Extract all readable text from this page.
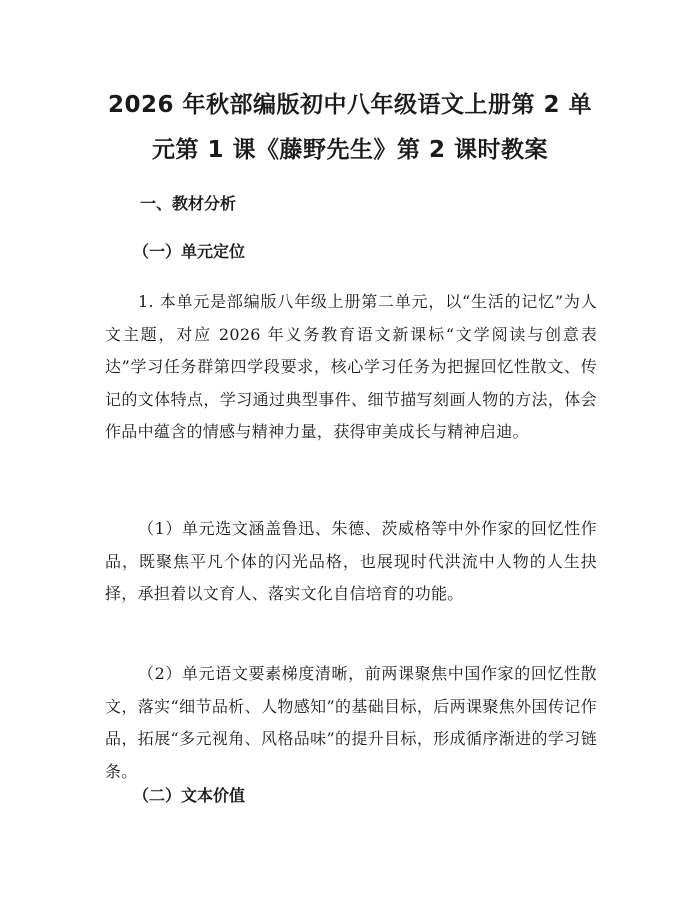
2026 年秋部编版初中八年级语文上册第 2 单
元第 1 课《藤野先生》第 2 课时教案
一、教材分析
（一）单元定位

1. 本单元是部编版八年级上册第二单元，以“生活的记忆”为人文主题，对应 2026 年义务教育语文新课标“文学阅读与创意表达”学习任务群第四学段要求，核心学习任务为把握回忆性散文、传记的文体特点，学习通过典型事件、细节描写刻画人物的方法，体会作品中蕴含的情感与精神力量，获得审美成长与精神启迪。

（1）单元选文涵盖鲁迅、朱德、茨威格等中外作家的回忆性作品，既聚焦平凡个体的闪光品格，也展现时代洪流中人物的人生抉择，承担着以文育人、落实文化自信培育的功能。

（2）单元语文要素梯度清晰，前两课聚焦中国作家的回忆性散文，落实“细节品析、人物感知”的基础目标，后两课聚焦外国传记作品，拓展“多元视角、风格品味”的提升目标，形成循序渐进的学习链条。

（二）文本价值
